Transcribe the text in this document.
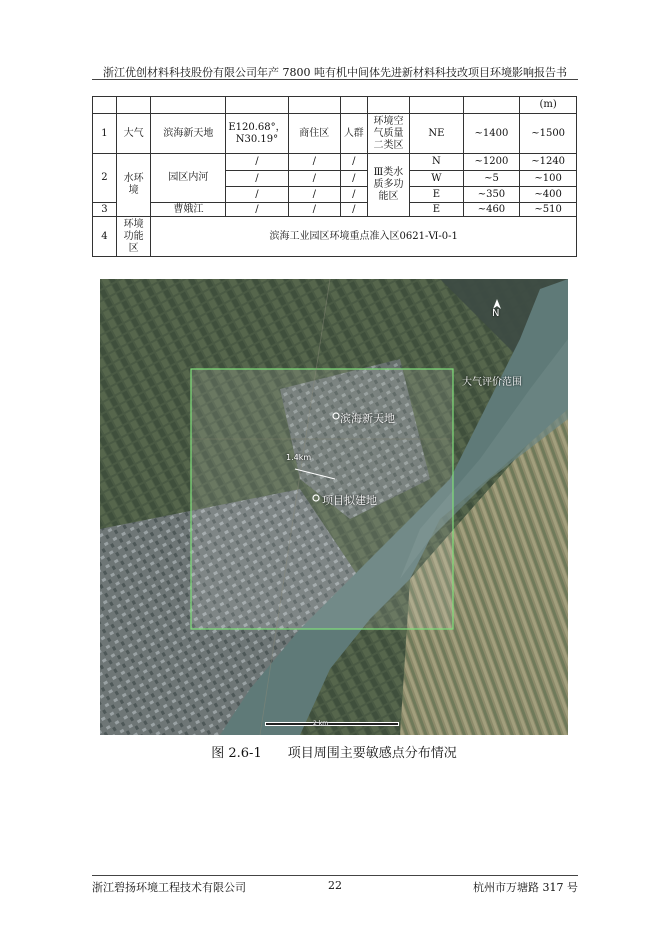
浙江优创材料科技股份有限公司年产 7800 吨有机中间体先进新材料科技改项目环境影响报告书
									(m)
1	大气	滨海新天地	E120.68°，N30.19°	商住区	人群	环境空气质量二类区	NE	~1400	~1500
2	水环境	园区内河	/	/	/	Ⅲ类水质多功能区	N	~1200	~1240
			/	/	/		W	~5	~100
			/	/	/		E	~350	~400
3		曹娥江	/	/	/		E	~460	~510
4	环境功能区	滨海工业园区环境重点准入区0621-Ⅵ-0-1							
N
大气评价范围
滨海新天地
1.4km
项目拟建地
2 km
图 2.6-1 项目周围主要敏感点分布情况
浙江碧扬环境工程技术有限公司	22	杭州市万塘路 317 号
